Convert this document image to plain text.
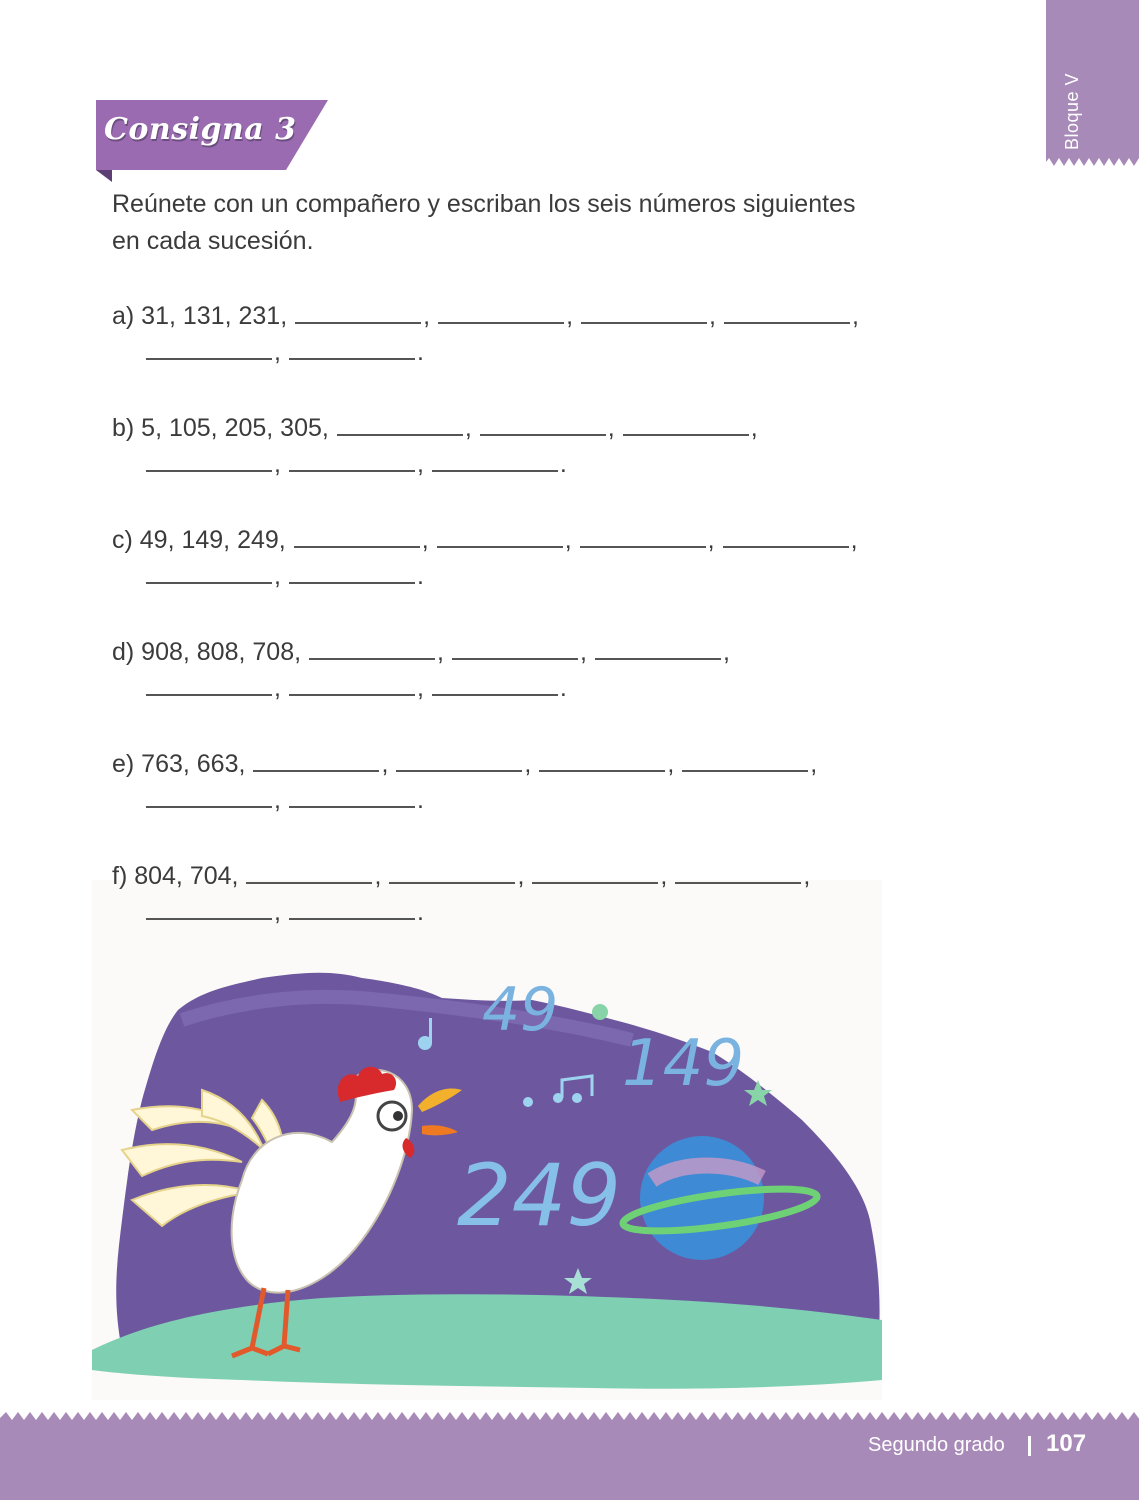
Bloque V
Consigna 3
Reúnete con un compañero y escriban los seis números siguientes en cada sucesión.
a) 31, 131, 231,	,	,	,	,
,	.
b) 5, 105, 205, 305,	,	,	,
,	,	.
c) 49, 149, 249,	,	,	,	,
,	.
d) 908, 808, 708,	,	,	,
,	,	.
e) 763, 663,	,	,	,	,
,	.
49
149
249
f) 804, 704,	,	,	,	,
,	.
Segundo grado 107
